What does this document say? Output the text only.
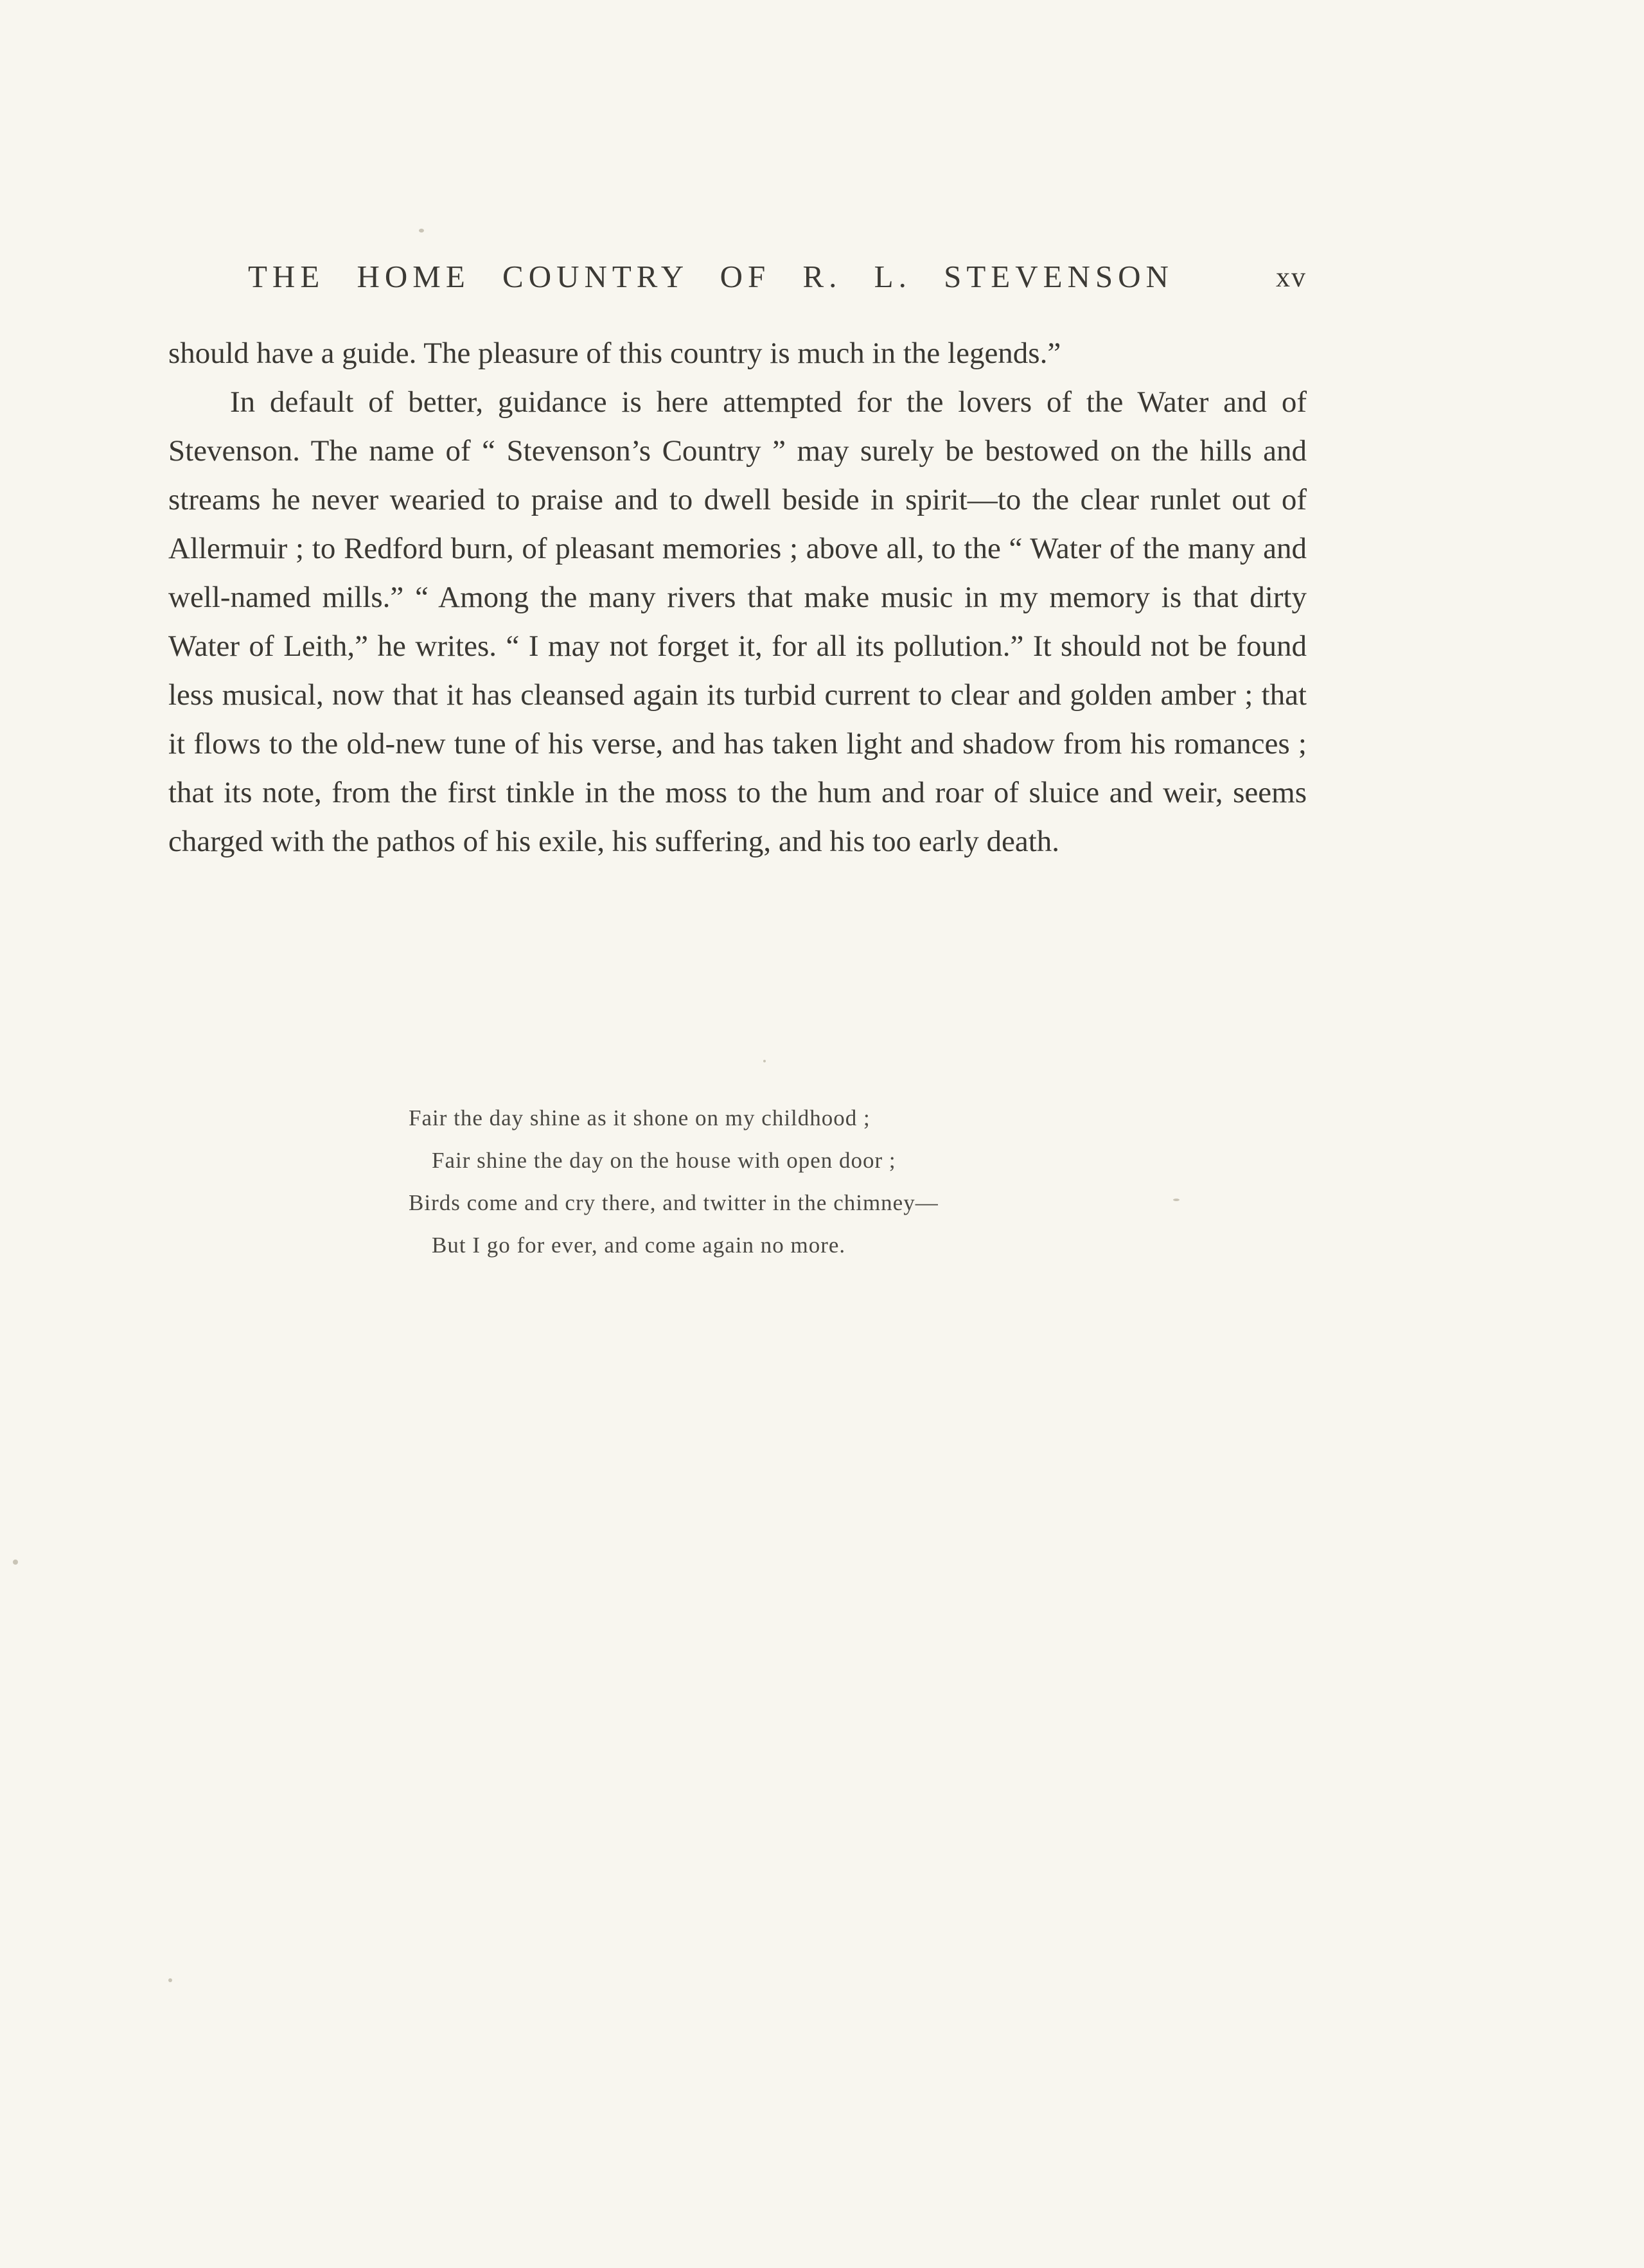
THE HOME COUNTRY OF R. L. STEVENSON	xv

should have a guide. The pleasure of this country is much in the legends.”

In default of better, guidance is here attempted for the lovers of the Water and of Stevenson. The name of “ Stevenson’s Country ” may surely be bestowed on the hills and streams he never wearied to praise and to dwell beside in spirit—to the clear runlet out of Allermuir ; to Redford burn, of pleasant memories ; above all, to the “ Water of the many and well-named mills.” “ Among the many rivers that make music in my memory is that dirty Water of Leith,” he writes. “ I may not forget it, for all its pollution.” It should not be found less musical, now that it has cleansed again its turbid current to clear and golden amber ; that it flows to the old-new tune of his verse, and has taken light and shadow from his romances ; that its note, from the first tinkle in the moss to the hum and roar of sluice and weir, seems charged with the pathos of his exile, his suffering, and his too early death.

Fair the day shine as it shone on my childhood ;
Fair shine the day on the house with open door ;
Birds come and cry there, and twitter in the chimney—
But I go for ever, and come again no more.
